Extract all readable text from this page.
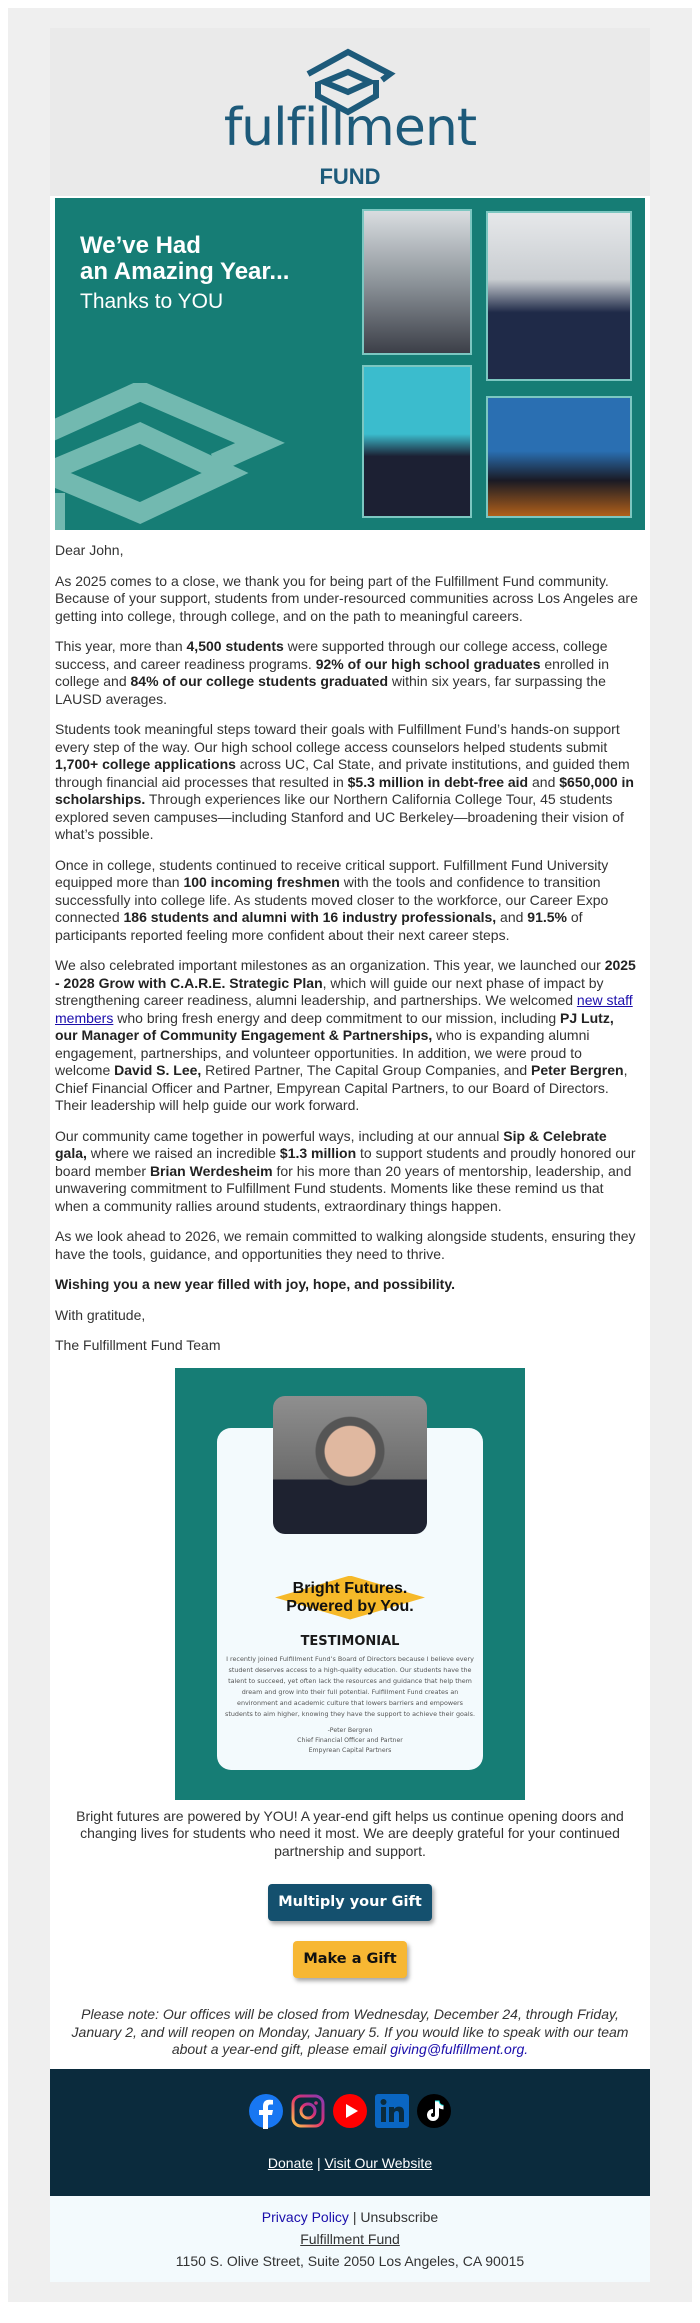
fulfillment
FUND
We’ve Had
an Amazing Year...
Thanks to YOU
Dear John,

As 2025 comes to a close, we thank you for being part of the Fulfillment Fund community. Because of your support, students from under-resourced communities across Los Angeles are getting into college, through college, and on the path to meaningful careers.

This year, more than 4,500 students were supported through our college access, college success, and career readiness programs. 92% of our high school graduates enrolled in college and 84% of our college students graduated within six years, far surpassing the LAUSD averages.

Students took meaningful steps toward their goals with Fulfillment Fund’s hands-on support every step of the way. Our high school college access counselors helped students submit 1,700+ college applications across UC, Cal State, and private institutions, and guided them through financial aid processes that resulted in $5.3 million in debt-free aid and $650,000 in scholarships. Through experiences like our Northern California College Tour, 45 students explored seven campuses—including Stanford and UC Berkeley—broadening their vision of what’s possible.

Once in college, students continued to receive critical support. Fulfillment Fund University equipped more than 100 incoming freshmen with the tools and confidence to transition successfully into college life. As students moved closer to the workforce, our Career Expo connected 186 students and alumni with 16 industry professionals, and 91.5% of participants reported feeling more confident about their next career steps.

We also celebrated important milestones as an organization. This year, we launched our 2025 - 2028 Grow with C.A.R.E. Strategic Plan, which will guide our next phase of impact by strengthening career readiness, alumni leadership, and partnerships. We welcomed new staff members who bring fresh energy and deep commitment to our mission, including PJ Lutz, our Manager of Community Engagement & Partnerships, who is expanding alumni engagement, partnerships, and volunteer opportunities. In addition, we were proud to welcome David S. Lee, Retired Partner, The Capital Group Companies, and Peter Bergren, Chief Financial Officer and Partner, Empyrean Capital Partners, to our Board of Directors. Their leadership will help guide our work forward.

Our community came together in powerful ways, including at our annual Sip & Celebrate gala, where we raised an incredible $1.3 million to support students and proudly honored our board member Brian Werdesheim for his more than 20 years of mentorship, leadership, and unwavering commitment to Fulfillment Fund students. Moments like these remind us that when a community rallies around students, extraordinary things happen.

As we look ahead to 2026, we remain committed to walking alongside students, ensuring they have the tools, guidance, and opportunities they need to thrive.

Wishing you a new year filled with joy, hope, and possibility.

With gratitude,

The Fulfillment Fund Team

Bright Futures.
Powered by You.
TESTIMONIAL
I recently joined Fulfillment Fund’s Board of Directors because I believe every student deserves access to a high-quality education. Our students have the talent to succeed, yet often lack the resources and guidance that help them dream and grow into their full potential. Fulfillment Fund creates an environment and academic culture that lowers barriers and empowers students to aim higher, knowing they have the support to achieve their goals.
-Peter Bergren
Chief Financial Officer and Partner
Empyrean Capital Partners
Bright futures are powered by YOU! A year-end gift helps us continue opening doors and changing lives for students who need it most. We are deeply grateful for your continued partnership and support.
Multiply your Gift
Make a Gift
Please note: Our offices will be closed from Wednesday, December 24, through Friday, January 2, and will reopen on Monday, January 5. If you would like to speak with our team about a year-end gift, please email giving@fulfillment.org.

Donate | Visit Our Website
Privacy Policy | Unsubscribe
Fulfillment Fund
1150 S. Olive Street, Suite 2050 Los Angeles, CA 90015
